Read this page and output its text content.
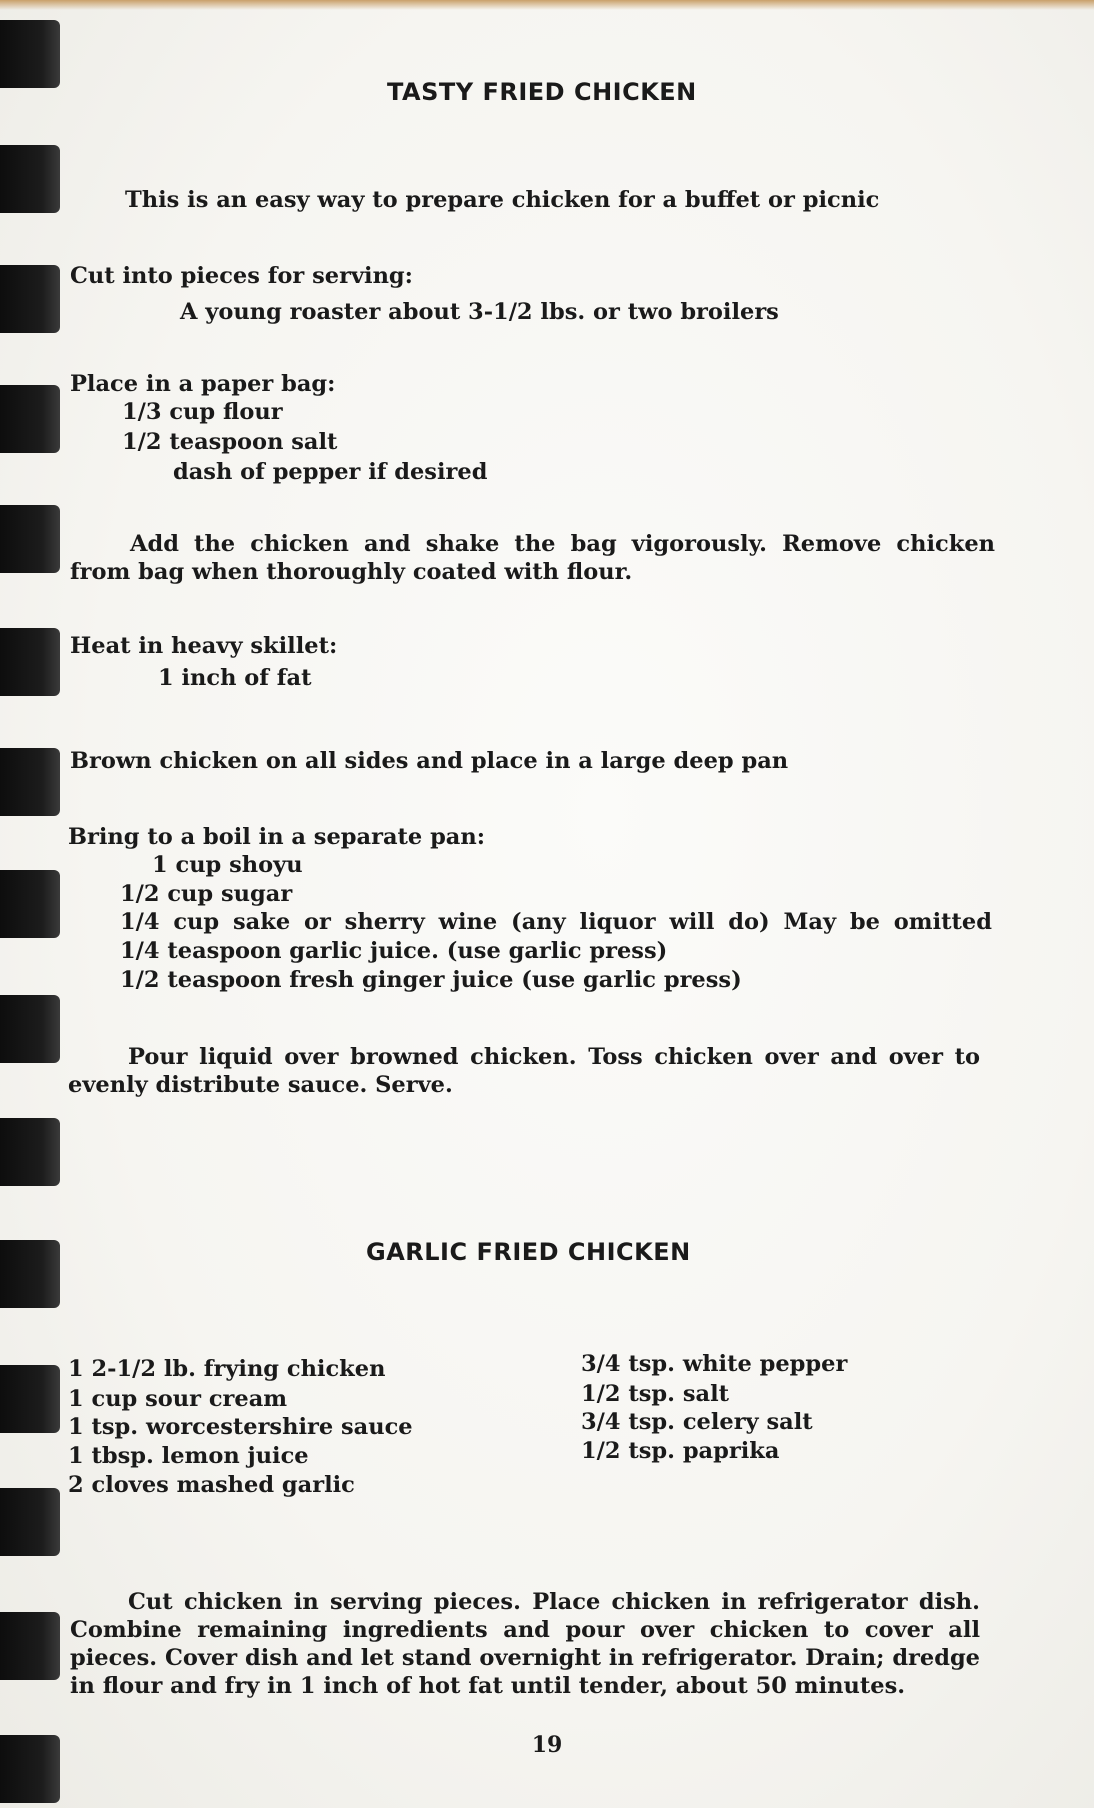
TASTY FRIED CHICKEN
This is an easy way to prepare chicken for a buffet or picnic
Cut into pieces for serving:
A young roaster about 3-1/2 lbs. or two broilers
Place in a paper bag:
1/3 cup flour
1/2 teaspoon salt
dash of pepper if desired
Add the chicken and shake the bag vigorously. Remove chicken from bag when thoroughly coated with flour.
Heat in heavy skillet:
1 inch of fat
Brown chicken on all sides and place in a large deep pan
Bring to a boil in a separate pan:
1 cup shoyu
1/2 cup sugar
1/4 cup sake or sherry wine (any liquor will do) May be omitted
1/4 teaspoon garlic juice. (use garlic press)
1/2 teaspoon fresh ginger juice (use garlic press)
Pour liquid over browned chicken. Toss chicken over and over to evenly distribute sauce. Serve.
GARLIC FRIED CHICKEN
1 2-1/2 lb. frying chicken
1 cup sour cream
1 tsp. worcestershire sauce
1 tbsp. lemon juice
2 cloves mashed garlic
3/4 tsp. white pepper
1/2 tsp. salt
3/4 tsp. celery salt
1/2 tsp. paprika
Cut chicken in serving pieces. Place chicken in refrigerator dish. Combine remaining ingredients and pour over chicken to cover all pieces. Cover dish and let stand overnight in refrigerator. Drain; dredge in flour and fry in 1 inch of hot fat until tender, about 50 minutes.
19
